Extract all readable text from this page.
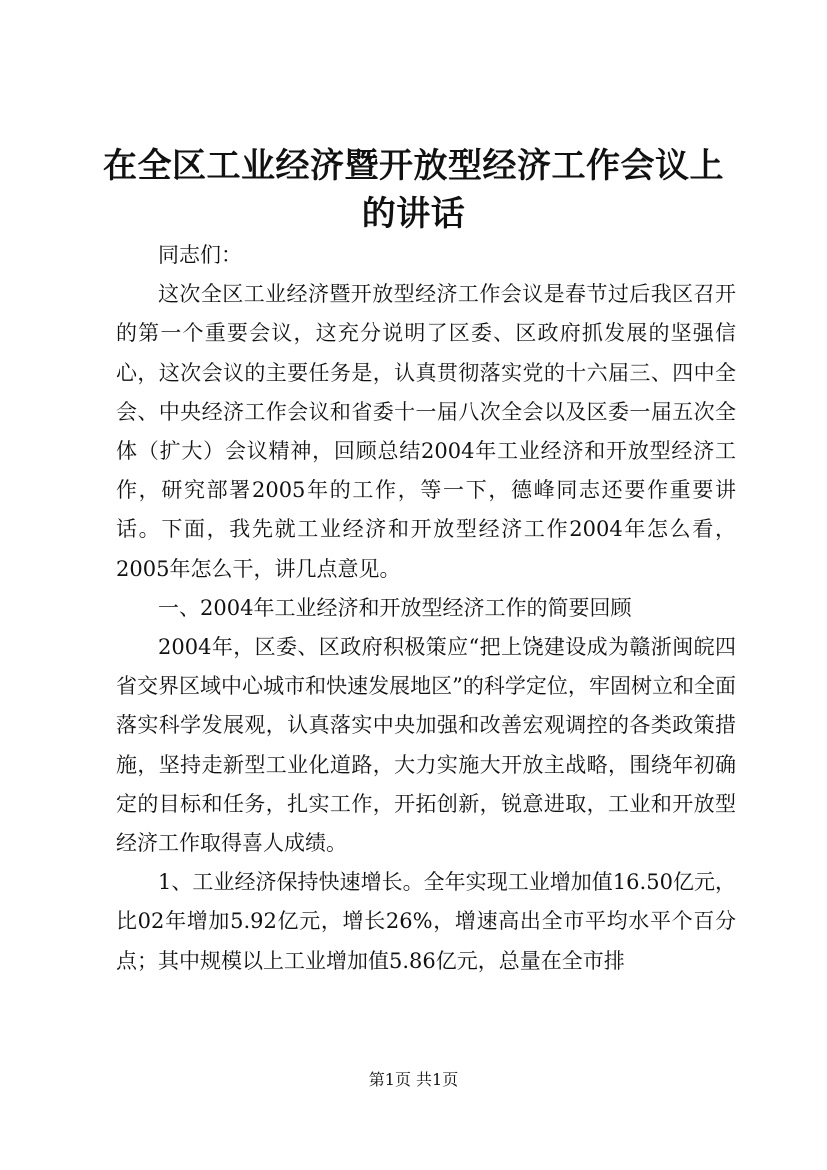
在全区工业经济暨开放型经济工作会议上的讲话

同志们：

这次全区工业经济暨开放型经济工作会议是春节过后我区召开的第一个重要会议，这充分说明了区委、区政府抓发展的坚强信心，这次会议的主要任务是，认真贯彻落实党的十六届三、四中全会、中央经济工作会议和省委十一届八次全会以及区委一届五次全体（扩大）会议精神，回顾总结2004年工业经济和开放型经济工作，研究部署2005年的工作，等一下，德峰同志还要作重要讲话。下面，我先就工业经济和开放型经济工作2004年怎么看，2005年怎么干，讲几点意见。

一、2004年工业经济和开放型经济工作的简要回顾

2004年，区委、区政府积极策应“把上饶建设成为赣浙闽皖四省交界区域中心城市和快速发展地区”的科学定位，牢固树立和全面落实科学发展观，认真落实中央加强和改善宏观调控的各类政策措施，坚持走新型工业化道路，大力实施大开放主战略，围绕年初确定的目标和任务，扎实工作，开拓创新，锐意进取，工业和开放型经济工作取得喜人成绩。

1、工业经济保持快速增长。全年实现工业增加值16.50亿元，比02年增加5.92亿元，增长26%，增速高出全市平均水平个百分点；其中规模以上工业增加值5.86亿元，总量在全市排

第1页 共1页
